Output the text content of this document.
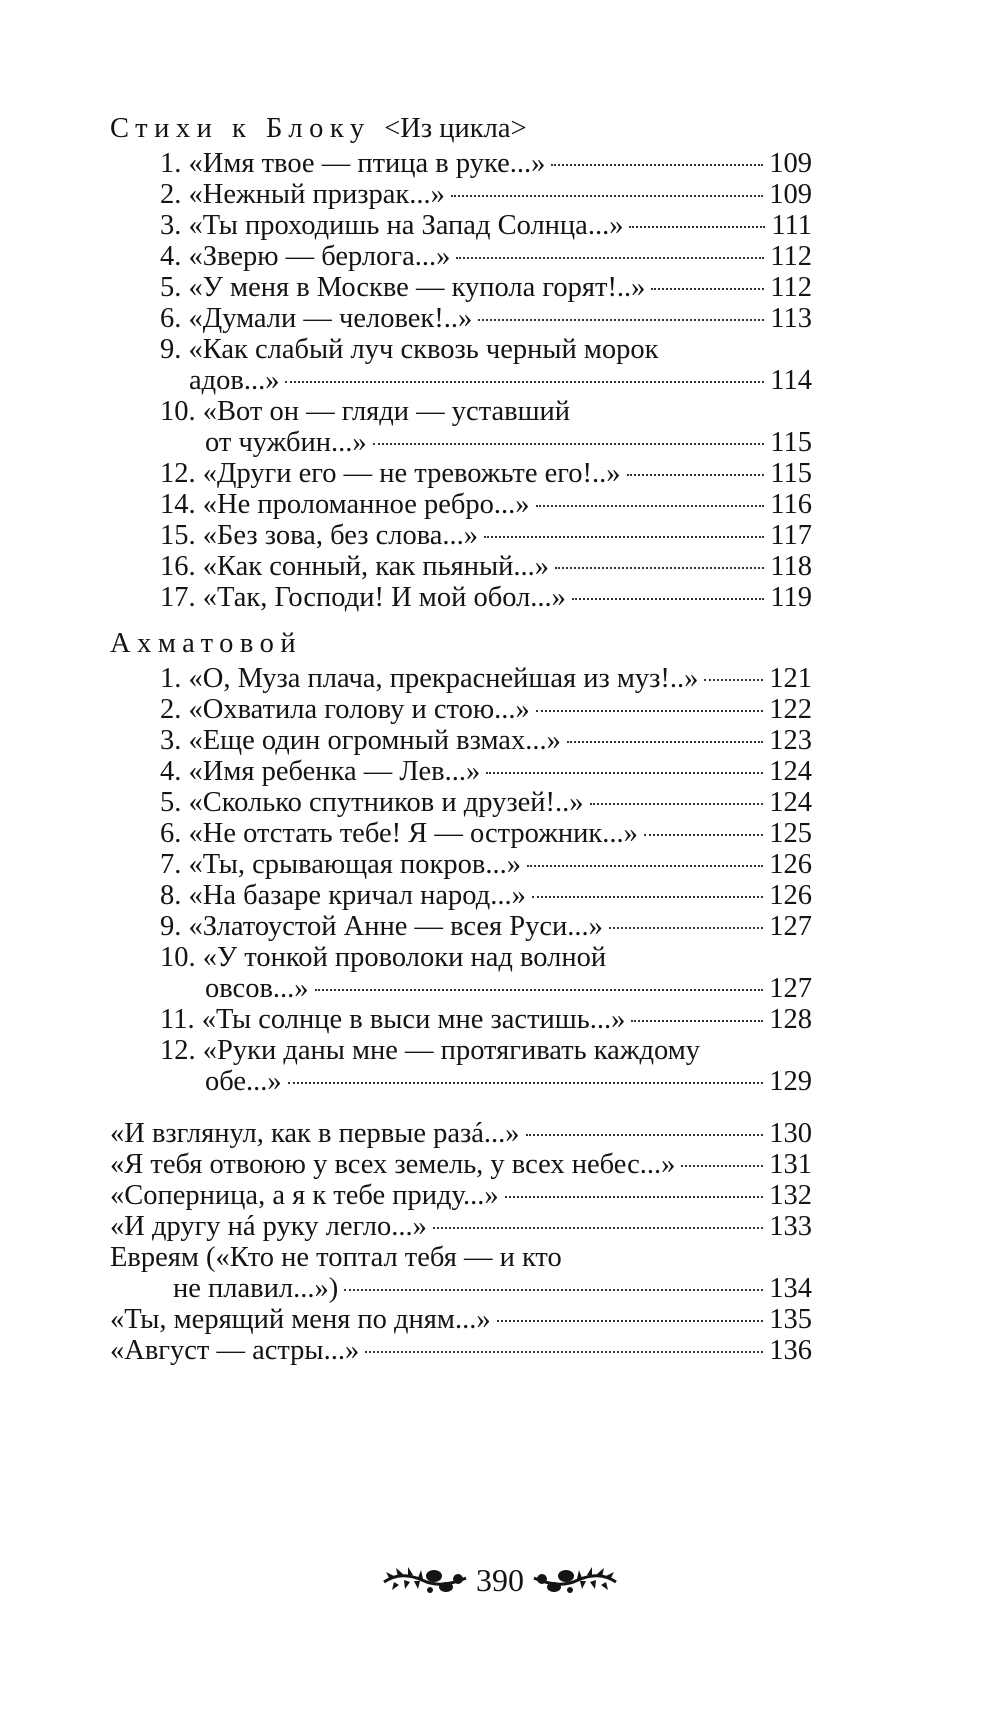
Стихи к Блоку <Из цикла>
1.
«Имя твое — птица в руке...»	109
2.
«Нежный призрак...»	109
3.
«Ты проходишь на Запад Солнца...»	111
4.
«Зверю — берлога...»	112
5.
«У меня в Москве — купола горят!..»	112
6.
«Думали — человек!..»	113
9. «Как слабый луч сквозь черный морок
адов...»	114
10. «Вот он — гляди — уставший
от чужбин...»	115
12.
«Други его — не тревожьте его!..»	115
14.
«Не проломанное ребро...»	116
15.
«Без зова, без слова...»	117
16.
«Как сонный, как пьяный...»	118
17.
«Так, Господи! И мой обол...»	119
Ахматовой
1.
«О, Муза плача, прекраснейшая из муз!..» 121
2.
«Охватила голову и стою...»	122
3.
«Еще один огромный взмах...»	123
4.
«Имя ребенка — Лев...»	124
5.
«Сколько спутников и друзей!..»	124
6.
«Не отстать тебе! Я — острожник...»	125
7.
«Ты, срывающая покров...»	126
8.
«На базаре кричал народ...»	126
9.
«Златоустой Анне — всея Руси...»	127
10. «У тонкой проволоки над волной
овсов...»	127
11.
«Ты солнце в выси мне застишь...»	128
12. «Руки даны мне — протягивать каждому
обе...»	129
«И взглянул, как в первые разá...»	130
«Я тебя отвоюю у всех земель, у всех небес...»	131
«Соперница, а я к тебе приду...»	132
«И другу нá руку легло...»	133
Евреям («Кто не топтал тебя — и кто
не плавил...»)	134
«Ты, мерящий меня по дням...»	135
«Август — астры...»	136
390
